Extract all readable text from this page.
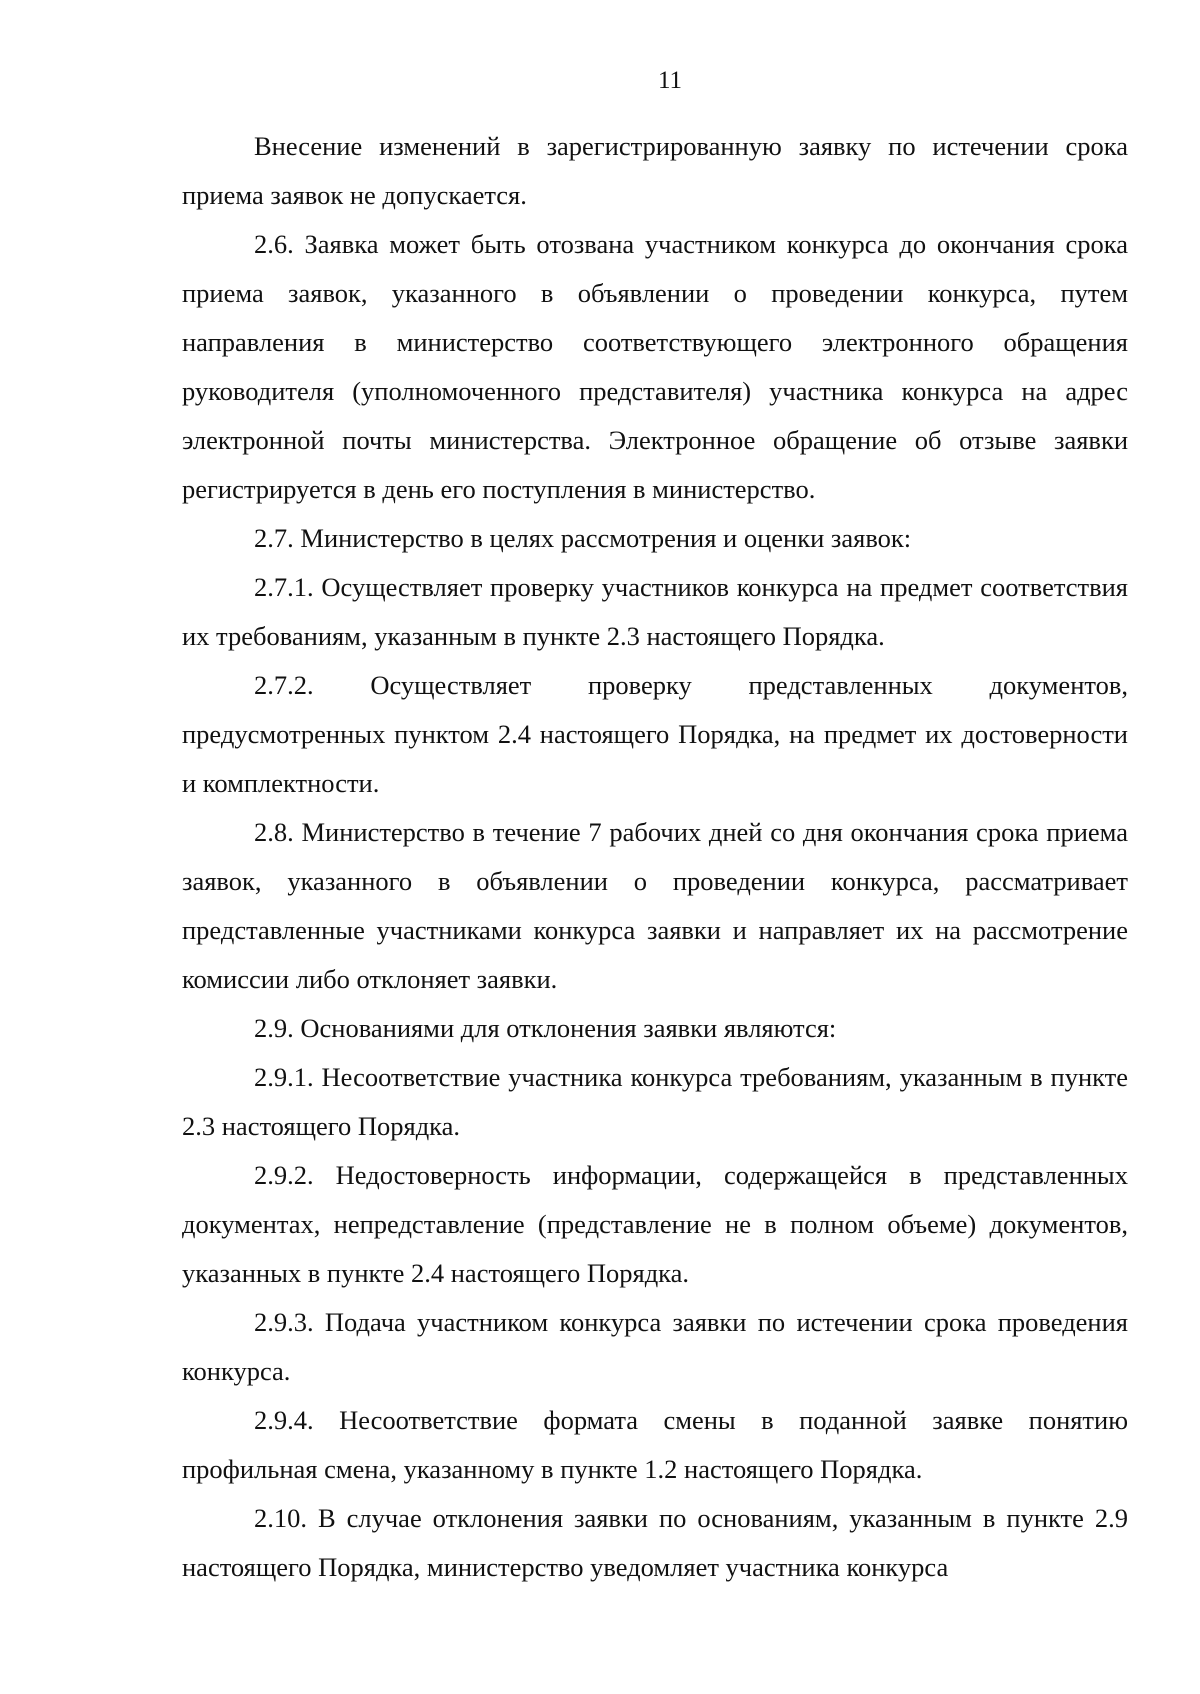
11

Внесение изменений в зарегистрированную заявку по истечении срока приема заявок не допускается.

2.6. Заявка может быть отозвана участником конкурса до окончания срока приема заявок, указанного в объявлении о проведении конкурса, путем направления в министерство соответствующего электронного обращения руководителя (уполномоченного представителя) участника конкурса на адрес электронной почты министерства. Электронное обращение об отзыве заявки регистрируется в день его поступления в министерство.

2.7. Министерство в целях рассмотрения и оценки заявок:

2.7.1. Осуществляет проверку участников конкурса на предмет соответствия их требованиям, указанным в пункте 2.3 настоящего Порядка.

2.7.2. Осуществляет проверку представленных документов, предусмотренных пунктом 2.4 настоящего Порядка, на предмет их достоверности и комплектности.

2.8. Министерство в течение 7 рабочих дней со дня окончания срока приема заявок, указанного в объявлении о проведении конкурса, рассматривает представленные участниками конкурса заявки и направляет их на рассмотрение комиссии либо отклоняет заявки.

2.9. Основаниями для отклонения заявки являются:

2.9.1. Несоответствие участника конкурса требованиям, указанным в пункте 2.3 настоящего Порядка.

2.9.2. Недостоверность информации, содержащейся в представленных документах, непредставление (представление не в полном объеме) документов, указанных в пункте 2.4 настоящего Порядка.

2.9.3. Подача участником конкурса заявки по истечении срока проведения конкурса.

2.9.4. Несоответствие формата смены в поданной заявке понятию профильная смена, указанному в пункте 1.2 настоящего Порядка.

2.10. В случае отклонения заявки по основаниям, указанным в пункте 2.9 настоящего Порядка, министерство уведомляет участника конкурса
